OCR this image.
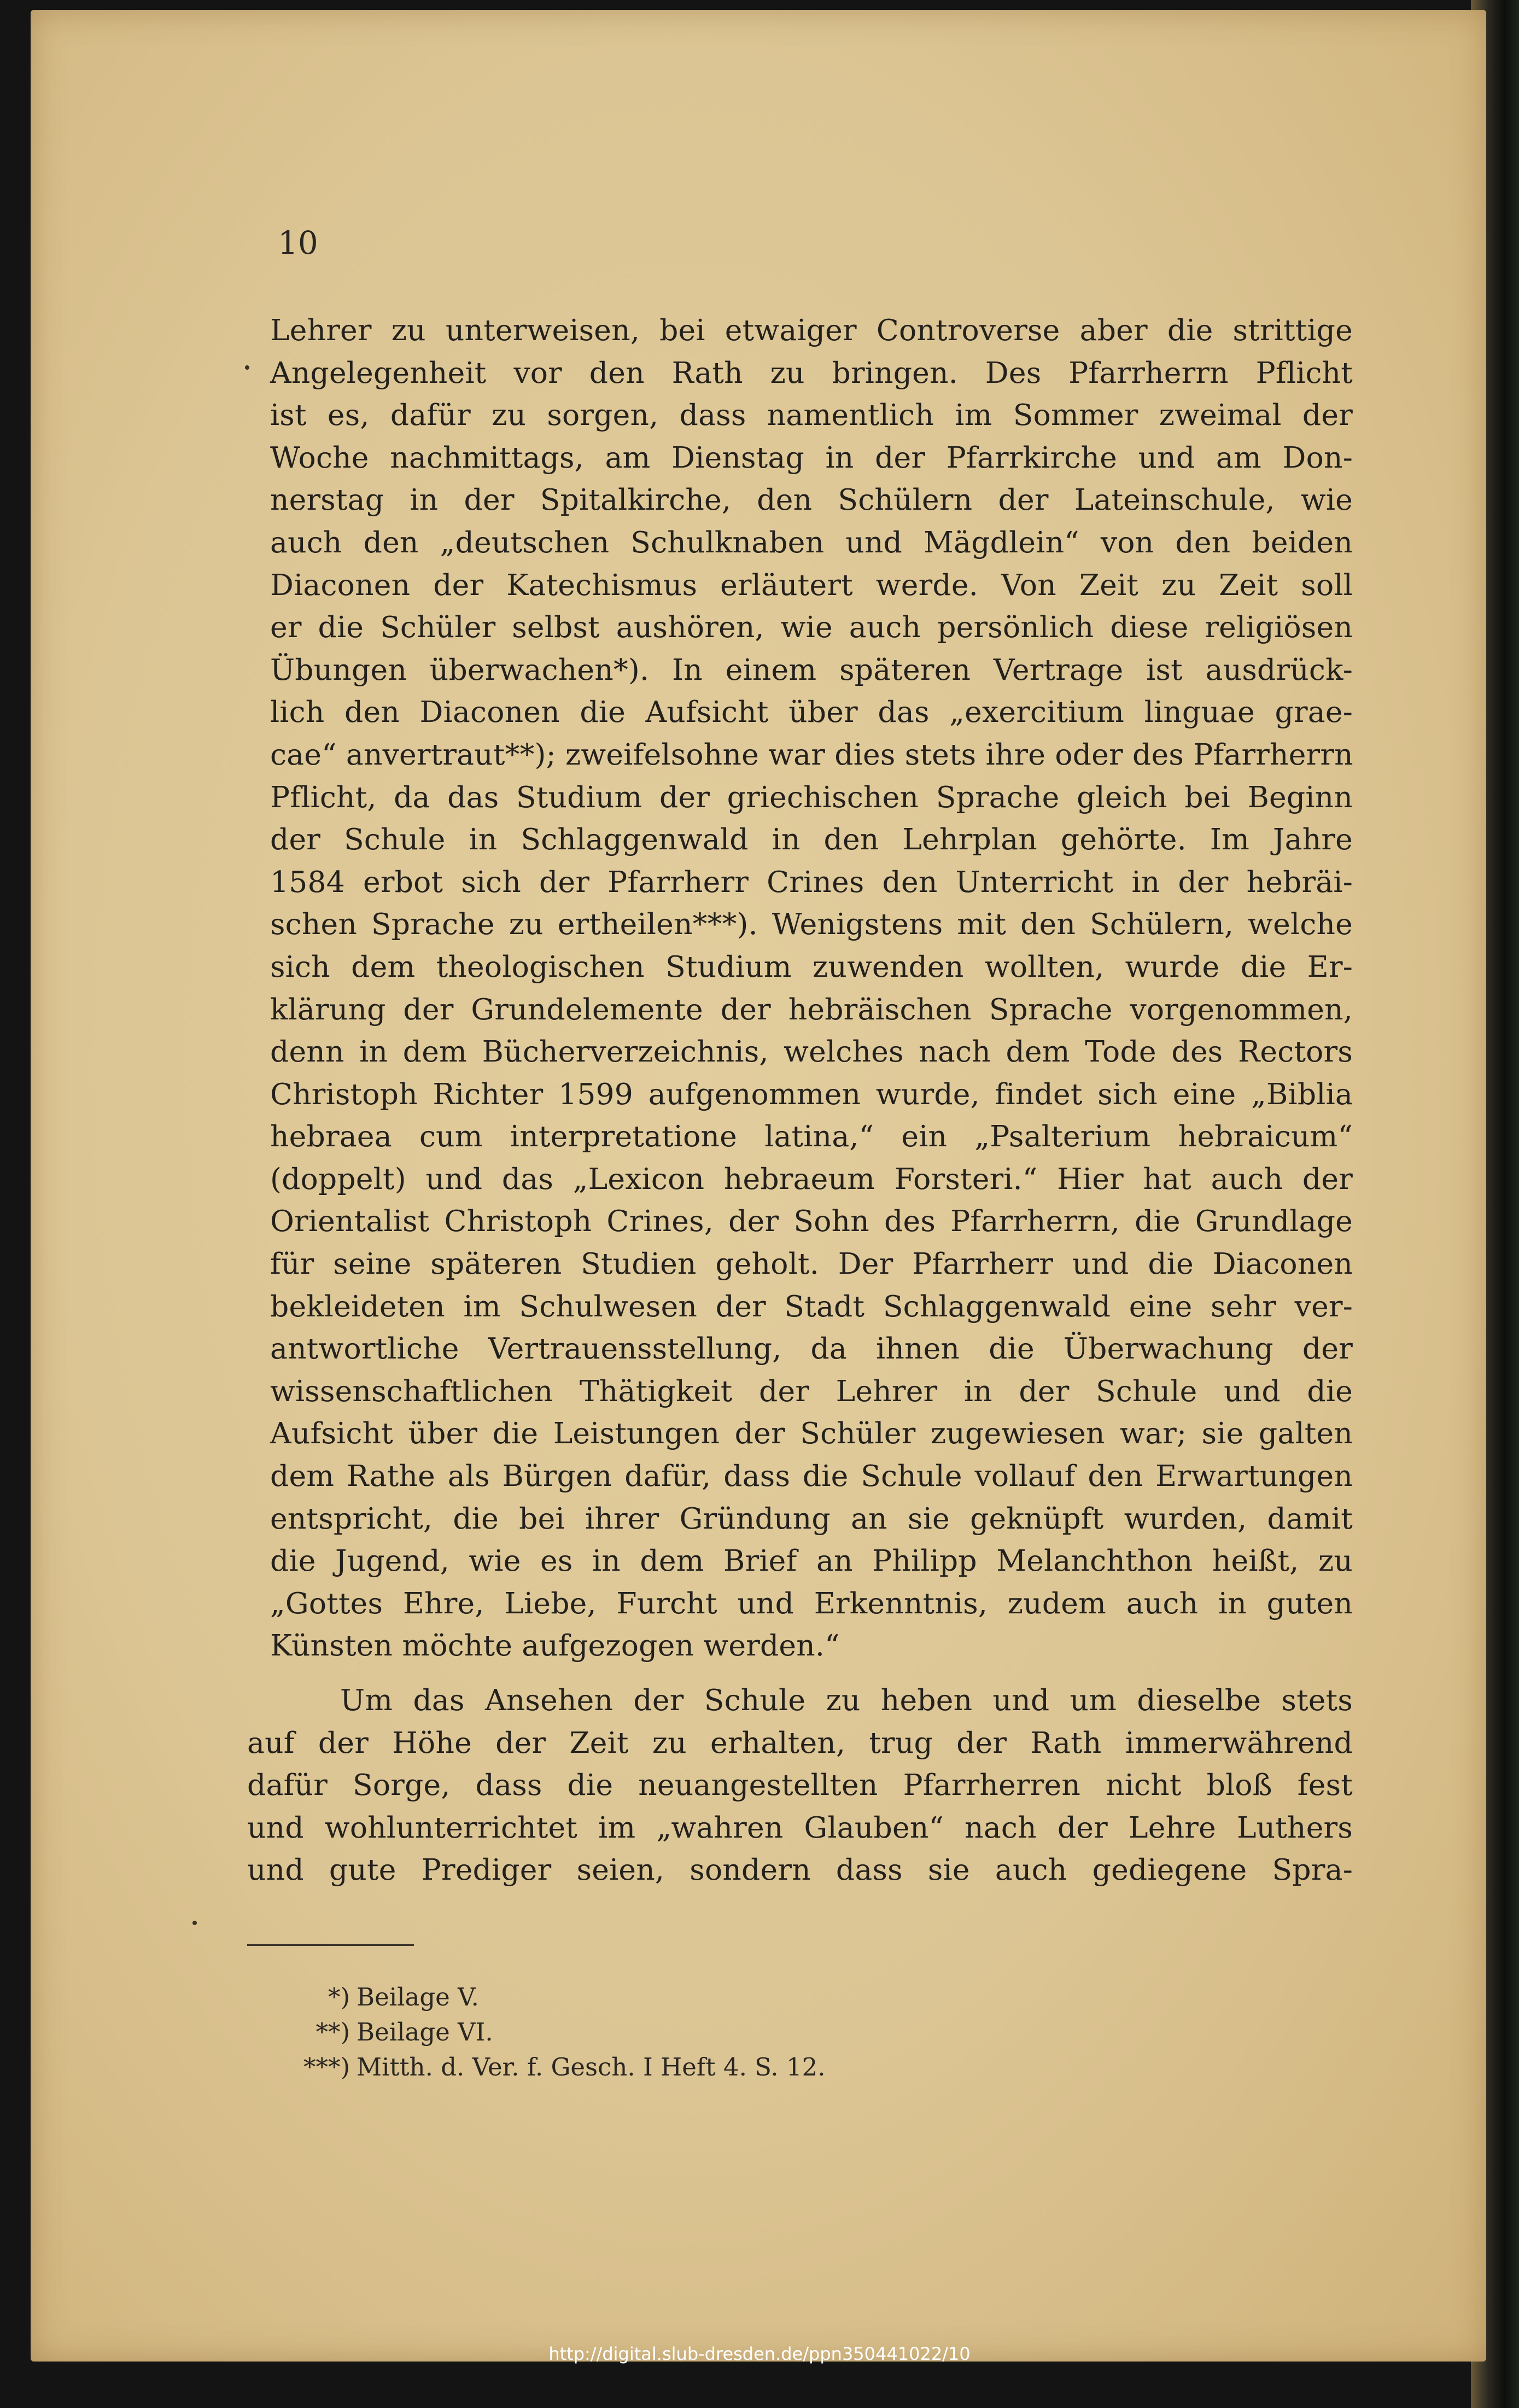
10
Lehrer zu unterweisen, bei etwaiger Controverse aber die strittige
Angelegenheit vor den Rath zu bringen. Des Pfarrherrn Pflicht
ist es, dafür zu sorgen, dass namentlich im Sommer zweimal der
Woche nachmittags, am Dienstag in der Pfarrkirche und am Don-
nerstag in der Spitalkirche, den Schülern der Lateinschule, wie
auch den „deutschen Schulknaben und Mägdlein“ von den beiden
Diaconen der Katechismus erläutert werde. Von Zeit zu Zeit soll
er die Schüler selbst aushören, wie auch persönlich diese religiösen
Übungen überwachen*). In einem späteren Vertrage ist ausdrück-
lich den Diaconen die Aufsicht über das „exercitium linguae grae-
cae“ anvertraut**); zweifelsohne war dies stets ihre oder des Pfarrherrn
Pflicht, da das Studium der griechischen Sprache gleich bei Beginn
der Schule in Schlaggenwald in den Lehrplan gehörte. Im Jahre
1584 erbot sich der Pfarrherr Crines den Unterricht in der hebräi-
schen Sprache zu ertheilen***). Wenigstens mit den Schülern, welche
sich dem theologischen Studium zuwenden wollten, wurde die Er-
klärung der Grundelemente der hebräischen Sprache vorgenommen,
denn in dem Bücherverzeichnis, welches nach dem Tode des Rectors
Christoph Richter 1599 aufgenommen wurde, findet sich eine „Biblia
hebraea cum interpretatione latina,“ ein „Psalterium hebraicum“
(doppelt) und das „Lexicon hebraeum Forsteri.“ Hier hat auch der
Orientalist Christoph Crines, der Sohn des Pfarrherrn, die Grundlage
für seine späteren Studien geholt. Der Pfarrherr und die Diaconen
bekleideten im Schulwesen der Stadt Schlaggenwald eine sehr ver-
antwortliche Vertrauensstellung, da ihnen die Überwachung der
wissenschaftlichen Thätigkeit der Lehrer in der Schule und die
Aufsicht über die Leistungen der Schüler zugewiesen war; sie galten
dem Rathe als Bürgen dafür, dass die Schule vollauf den Erwartungen
entspricht, die bei ihrer Gründung an sie geknüpft wurden, damit
die Jugend, wie es in dem Brief an Philipp Melanchthon heißt, zu
„Gottes Ehre, Liebe, Furcht und Erkenntnis, zudem auch in guten
Künsten möchte aufgezogen werden.“
Um das Ansehen der Schule zu heben und um dieselbe stets
auf der Höhe der Zeit zu erhalten, trug der Rath immerwährend
dafür Sorge, dass die neuangestellten Pfarrherren nicht bloß fest
und wohlunterrichtet im „wahren Glauben“ nach der Lehre Luthers
und gute Prediger seien, sondern dass sie auch gediegene Spra-
*) Beilage V.
**) Beilage VI.
***) Mitth. d. Ver. f. Gesch. I Heft 4. S. 12.
http://digital.slub-dresden.de/ppn350441022/10
